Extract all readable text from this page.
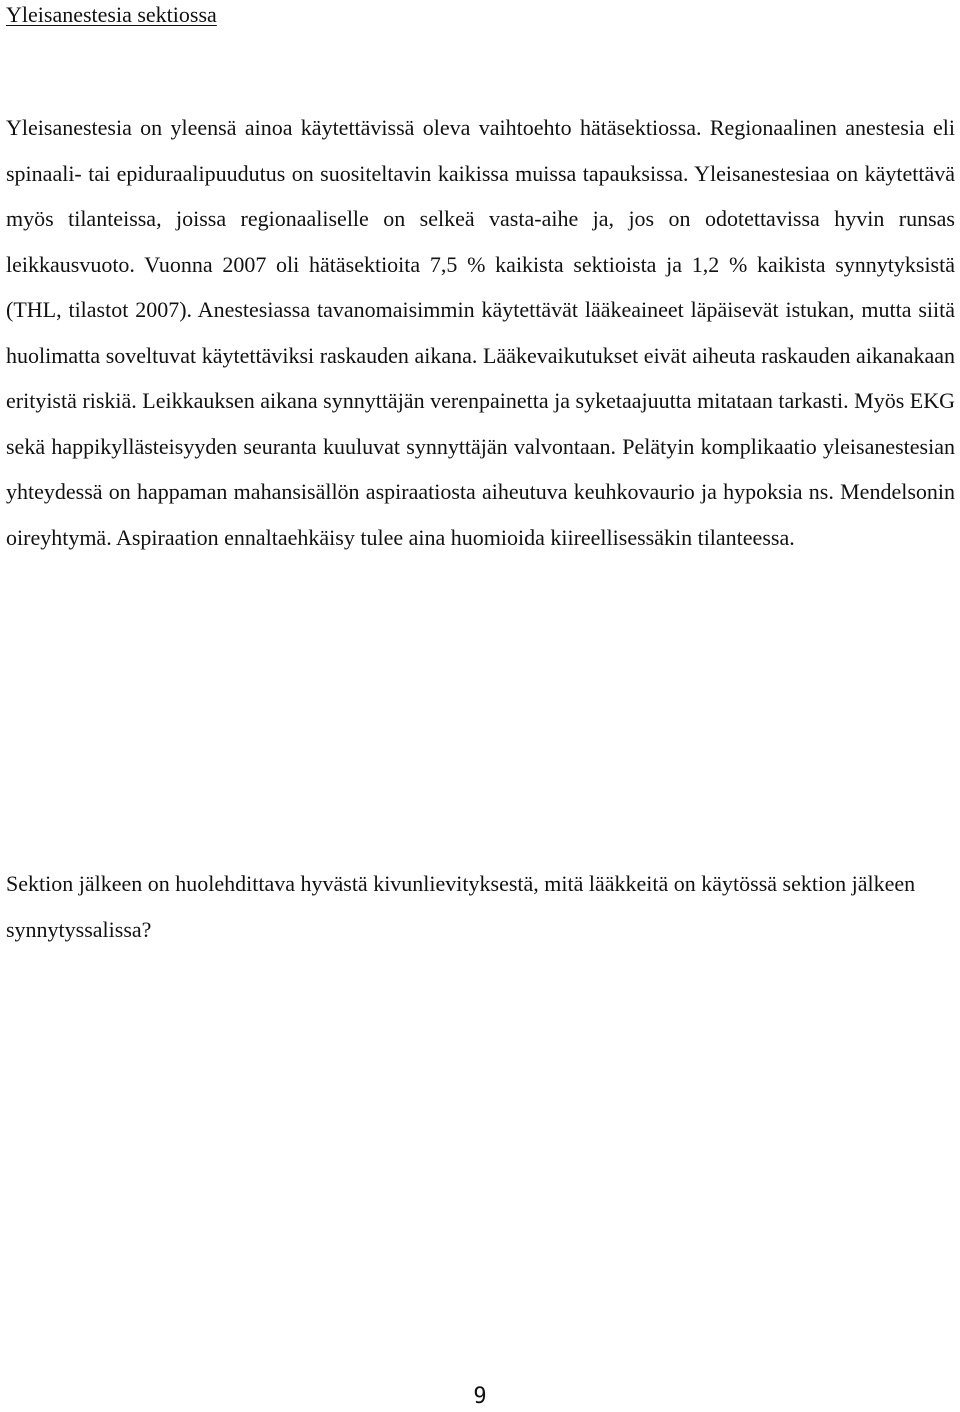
Yleisanestesia sektiossa

Yleisanestesia on yleensä ainoa käytettävissä oleva vaihtoehto hätäsektiossa. Regionaalinen anestesia eli spinaali- tai epiduraalipuudutus on suositeltavin kaikissa muissa tapauksissa. Yleisanestesiaa on käytettävä myös tilanteissa, joissa regionaaliselle on selkeä vasta-aihe ja, jos on odotettavissa hyvin runsas leikkausvuoto. Vuonna 2007 oli hätäsektioita 7,5 % kaikista sektioista ja 1,2 % kaikista synnytyksistä (THL, tilastot 2007). Anestesiassa tavanomaisimmin käytettävät lääkeaineet läpäisevät istukan, mutta siitä huolimatta soveltuvat käytettäviksi raskauden aikana. Lääkevaikutukset eivät aiheuta raskauden aikanakaan erityistä riskiä. Leikkauksen aikana synnyttäjän verenpainetta ja syketaajuutta mitataan tarkasti. Myös EKG sekä happikyllästeisyyden seuranta kuuluvat synnyttäjän valvontaan. Pelätyin komplikaatio yleisanestesian yhteydessä on happaman mahansisällön aspiraatiosta aiheutuva keuhkovaurio ja hypoksia ns. Mendelsonin oireyhtymä. Aspiraation ennaltaehkäisy tulee aina huomioida kiireellisessäkin tilanteessa.

Sektion jälkeen on huolehdittava hyvästä kivunlievityksestä, mitä lääkkeitä on käytössä sektion jälkeen synnytyssalissa?

9
